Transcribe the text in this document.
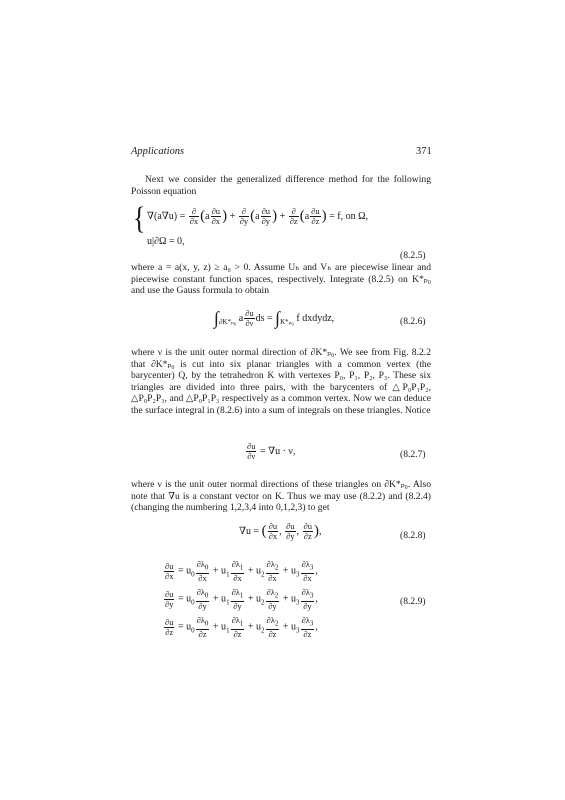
Applications	371

Next we consider the generalized difference method for the following Poisson equation

{ $\nabla(a\nabla u) = \frac{\partial}{\partial x} (a \frac{\partial u}{\partial x}$ ) + $\frac{\partial}{\partial y} (a \frac{\partial u}{\partial y}$ ) + $\frac{\partial}{\partial z} (a \frac{\partial u}{\partial z}$ ) = f, on Ω,
u|∂Ω = 0,
(8.2.5)

where a = a(x, y, z) ≥ a₀ > 0. Assume Uₕ and Vₕ are piecewise linear and piecewise constant function spaces, respectively. Integrate (8.2.5) on K*ₚ₀ and use the Gauss formula to obtain

$\int_{\partial K*_{p0}}$ a $\frac{\partial u}{\partial\nu}$ ds = $\int_{K*_{p0}}$ f dxdydz,	(8.2.6)

where ν is the unit outer normal direction of ∂K*ₚ₀. We see from Fig. 8.2.2 that ∂K*ₚ₀ is cut into six planar triangles with a common vertex (the barycenter) Q, by the tetrahedron K with vertexes P₀, P₁, P₂, P₃. These six triangles are divided into three pairs, with the barycenters of △P₀P₁P₂, △P₀P₂P₃, and △P₀P₁P₃ respectively as a common vertex. Now we can deduce the surface integral in (8.2.6) into a sum of integrals on these triangles. Notice

$\frac{\partial u}{\partial\nu} = \nabla u \cdot \nu$,	(8.2.7)

where ν is the unit outer normal directions of these triangles on ∂K*ₚ₀. Also note that ∇u is a constant vector on K. Thus we may use (8.2.2) and (8.2.4) (changing the numbering 1,2,3,4 into 0,1,2,3) to get

∇u = ( $\frac{\partial u}{\partial x}$ , $\frac{\partial u}{\partial y}$ , $\frac{\partial u}{\partial z}$ ),	(8.2.8)
$\frac{\partial u}{\partial x} = u_0 \frac{\partial\lambda_0}{\partial x} + u_1 \frac{\partial\lambda_1}{\partial x} + u_2 \frac{\partial\lambda_2}{\partial x} + u_3 \frac{\partial\lambda_3}{\partial x}$ ,
$\frac{\partial u}{\partial y} = u_0 \frac{\partial\lambda_0}{\partial y} + u_1 \frac{\partial\lambda_1}{\partial y} + u_2 \frac{\partial\lambda_2}{\partial y} + u_3 \frac{\partial\lambda_3}{\partial y}$ ,
$\frac{\partial u}{\partial z} = u_0 \frac{\partial\lambda_0}{\partial z} + u_1 \frac{\partial\lambda_1}{\partial z} + u_2 \frac{\partial\lambda_2}{\partial z} + u_3 \frac{\partial\lambda_3}{\partial z}$ ,
(8.2.9)
